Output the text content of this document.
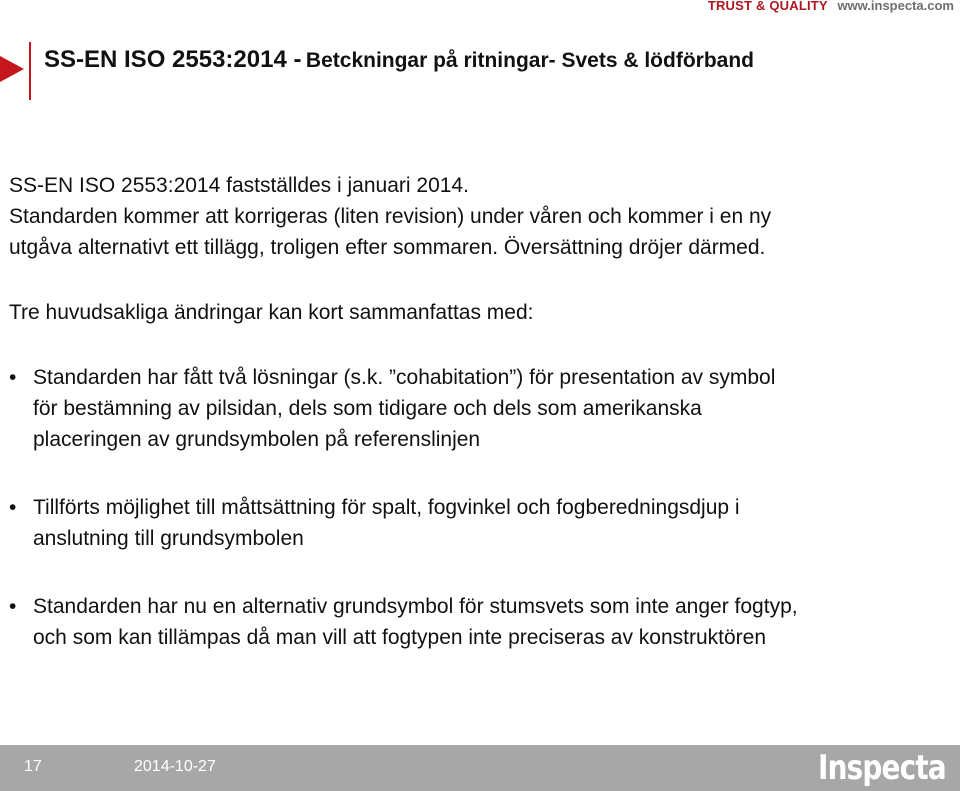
TRUST & QUALITY www.inspecta.com
SS-EN ISO 2553:2014 - Betckningar på ritningar- Svets & lödförband

SS-EN ISO 2553:2014 fastställdes i januari 2014.
Standarden kommer att korrigeras (liten revision) under våren och kommer i en ny
utgåva alternativt ett tillägg, troligen efter sommaren. Översättning dröjer därmed.

Tre huvudsakliga ändringar kan kort sammanfattas med:

• Standarden har fått två lösningar (s.k. ”cohabitation”) för presentation av symbol
för bestämning av pilsidan, dels som tidigare och dels som amerikanska
placeringen av grundsymbolen på referenslinjen
• Tillförts möjlighet till måttsättning för spalt, fogvinkel och fogberedningsdjup i
anslutning till grundsymbolen
• Standarden har nu en alternativ grundsymbol för stumsvets som inte anger fogtyp,
och som kan tillämpas då man vill att fogtypen inte preciseras av konstruktören
17	2014-10-27	Inspecta
